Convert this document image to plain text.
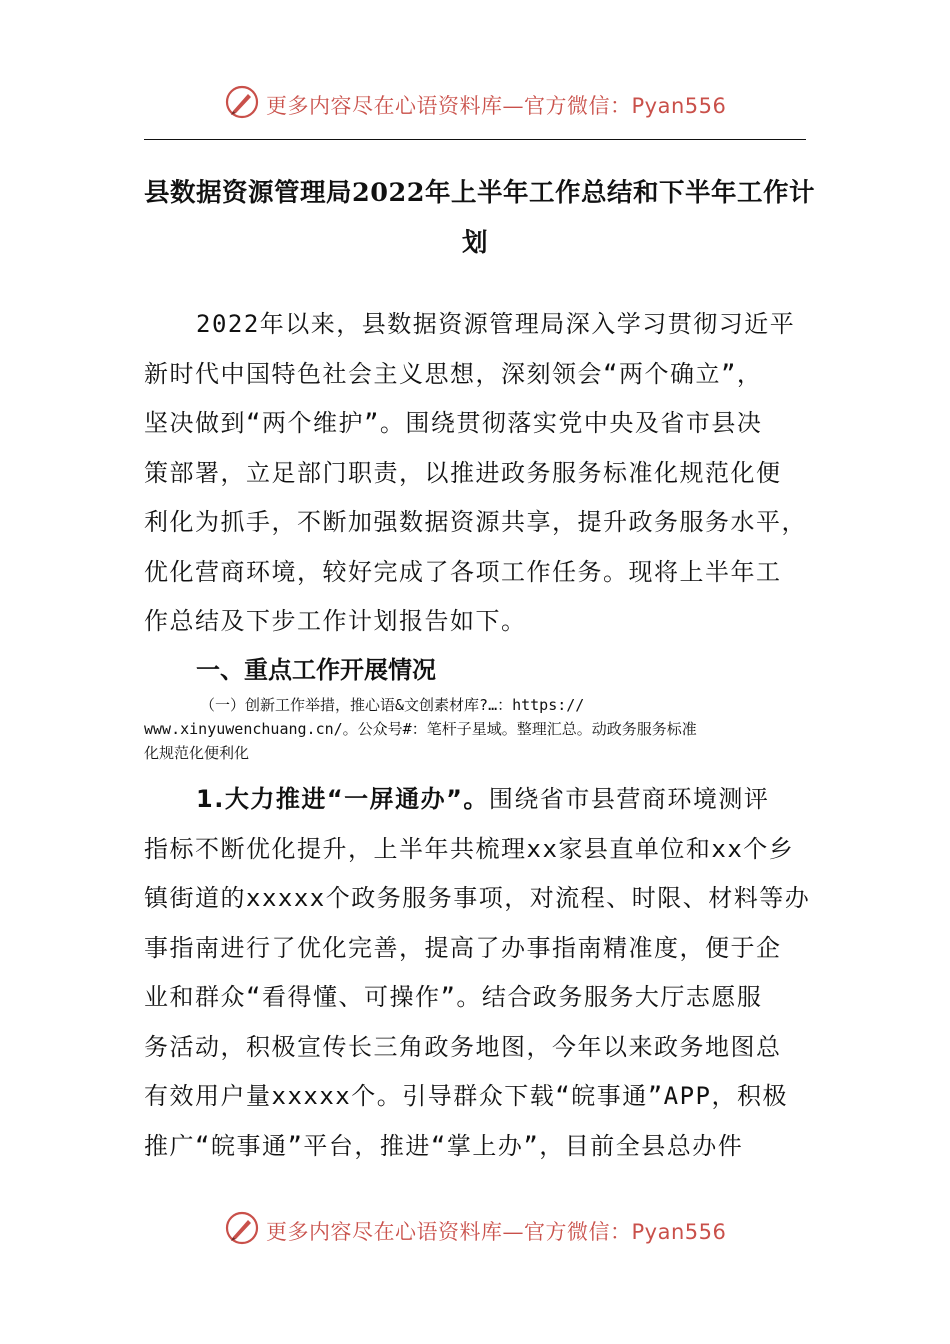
更多内容尽在心语资料库—官方微信：Pyan556
县数据资源管理局2022年上半年工作总结和下半年工作计
划
2022年以来，县数据资源管理局深入学习贯彻习近平
新时代中国特色社会主义思想，深刻领会“两个确立”，
坚决做到“两个维护”。围绕贯彻落实党中央及省市县决
策部署，立足部门职责，以推进政务服务标准化规范化便
利化为抓手，不断加强数据资源共享，提升政务服务水平，
优化营商环境，较好完成了各项工作任务。现将上半年工
作总结及下步工作计划报告如下。
一、重点工作开展情况
（一）创新工作举措，推心语&文创素材库?…：https://
www.xinyuwenchuang.cn/。公众号#：笔杆子星域。整理汇总。动政务服务标准
化规范化便利化
1.大力推进“一屏通办”。围绕省市县营商环境测评
指标不断优化提升，上半年共梳理xx家县直单位和xx个乡
镇街道的xxxxx个政务服务事项，对流程、时限、材料等办
事指南进行了优化完善，提高了办事指南精准度，便于企
业和群众“看得懂、可操作”。结合政务服务大厅志愿服
务活动，积极宣传长三角政务地图，今年以来政务地图总
有效用户量xxxxx个。引导群众下载“皖事通”APP，积极
推广“皖事通”平台，推进“掌上办”，目前全县总办件
更多内容尽在心语资料库—官方微信：Pyan556
